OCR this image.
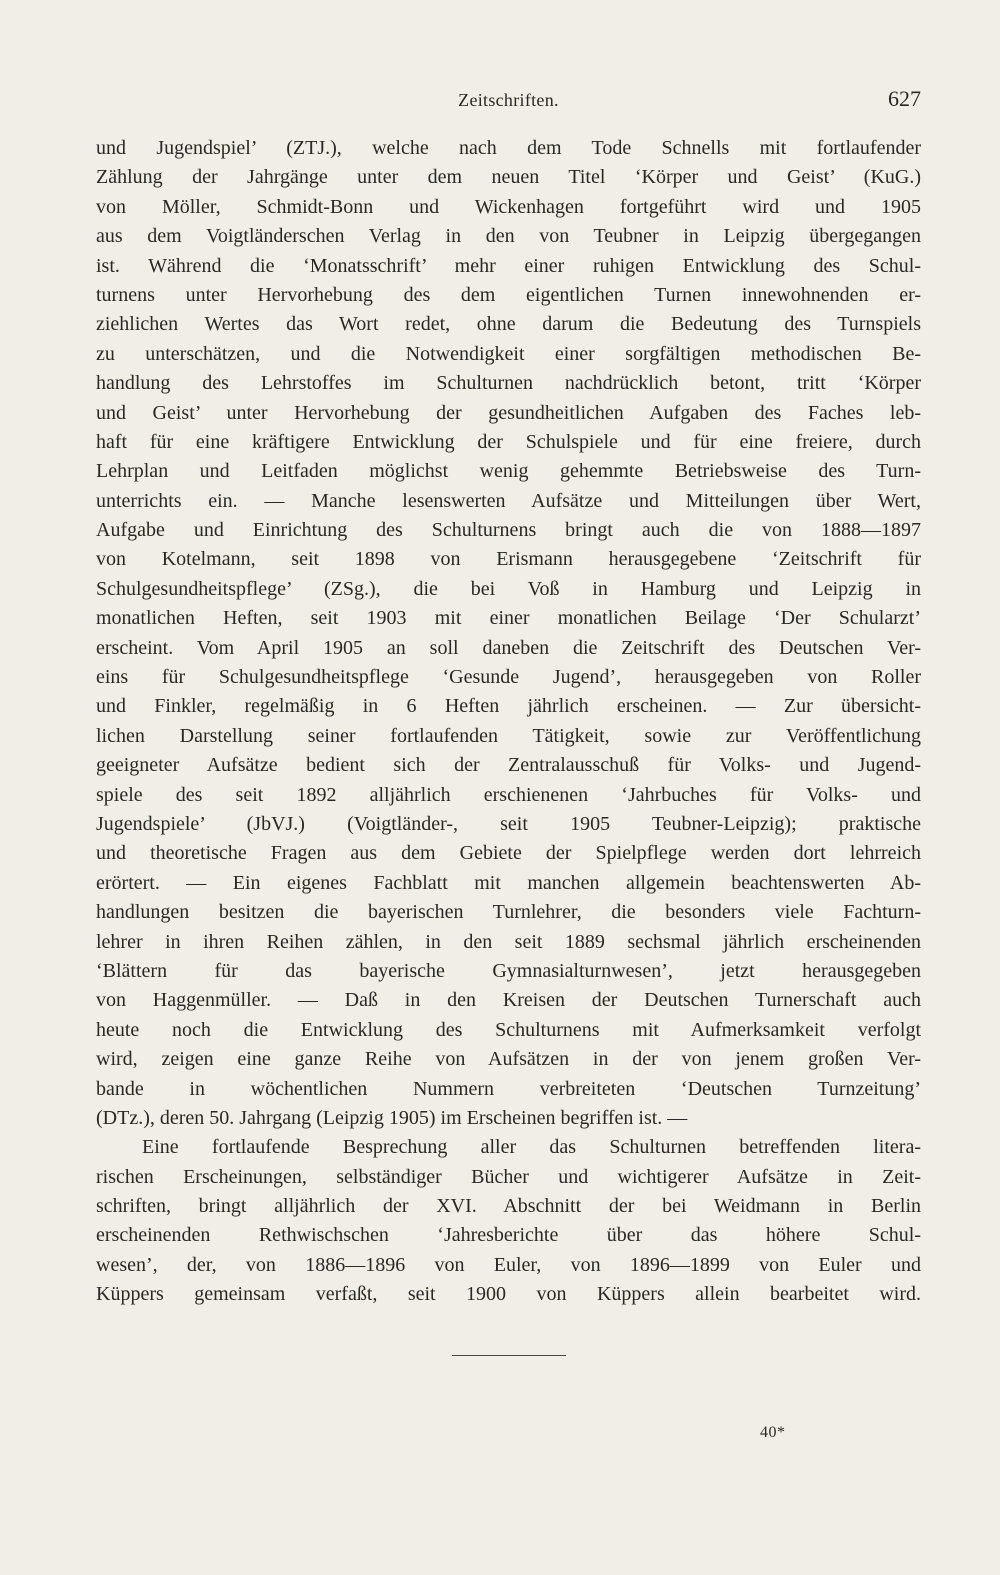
Zeitschriften.	627
und Jugendspiel’ (ZTJ.), welche nach dem Tode Schnells mit fortlaufender
Zählung der Jahrgänge unter dem neuen Titel ‘Körper und Geist’ (KuG.)
von Möller, Schmidt-Bonn und Wickenhagen fortgeführt wird und 1905
aus dem Voigtländerschen Verlag in den von Teubner in Leipzig übergegangen
ist. Während die ‘Monatsschrift’ mehr einer ruhigen Entwicklung des Schul-
turnens unter Hervorhebung des dem eigentlichen Turnen innewohnenden er-
ziehlichen Wertes das Wort redet, ohne darum die Bedeutung des Turnspiels
zu unterschätzen, und die Notwendigkeit einer sorgfältigen methodischen Be-
handlung des Lehrstoffes im Schulturnen nachdrücklich betont, tritt ‘Körper
und Geist’ unter Hervorhebung der gesundheitlichen Aufgaben des Faches leb-
haft für eine kräftigere Entwicklung der Schulspiele und für eine freiere, durch
Lehrplan und Leitfaden möglichst wenig gehemmte Betriebsweise des Turn-
unterrichts ein. — Manche lesenswerten Aufsätze und Mitteilungen über Wert,
Aufgabe und Einrichtung des Schulturnens bringt auch die von 1888—1897
von Kotelmann, seit 1898 von Erismann herausgegebene ‘Zeitschrift für
Schulgesundheitspflege’ (ZSg.), die bei Voß in Hamburg und Leipzig in
monatlichen Heften, seit 1903 mit einer monatlichen Beilage ‘Der Schularzt’
erscheint. Vom April 1905 an soll daneben die Zeitschrift des Deutschen Ver-
eins für Schulgesundheitspflege ‘Gesunde Jugend’, herausgegeben von Roller
und Finkler, regelmäßig in 6 Heften jährlich erscheinen. — Zur übersicht-
lichen Darstellung seiner fortlaufenden Tätigkeit, sowie zur Veröffentlichung
geeigneter Aufsätze bedient sich der Zentralausschuß für Volks- und Jugend-
spiele des seit 1892 alljährlich erschienenen ‘Jahrbuches für Volks- und
Jugendspiele’ (JbVJ.) (Voigtländer-, seit 1905 Teubner-Leipzig); praktische
und theoretische Fragen aus dem Gebiete der Spielpflege werden dort lehrreich
erörtert. — Ein eigenes Fachblatt mit manchen allgemein beachtenswerten Ab-
handlungen besitzen die bayerischen Turnlehrer, die besonders viele Fachturn-
lehrer in ihren Reihen zählen, in den seit 1889 sechsmal jährlich erscheinenden
‘Blättern für das bayerische Gymnasialturnwesen’, jetzt herausgegeben
von Haggenmüller. — Daß in den Kreisen der Deutschen Turnerschaft auch
heute noch die Entwicklung des Schulturnens mit Aufmerksamkeit verfolgt
wird, zeigen eine ganze Reihe von Aufsätzen in der von jenem großen Ver-
bande in wöchentlichen Nummern verbreiteten ‘Deutschen Turnzeitung’
(DTz.), deren 50. Jahrgang (Leipzig 1905) im Erscheinen begriffen ist. —
Eine fortlaufende Besprechung aller das Schulturnen betreffenden litera-
rischen Erscheinungen, selbständiger Bücher und wichtigerer Aufsätze in Zeit-
schriften, bringt alljährlich der XVI. Abschnitt der bei Weidmann in Berlin
erscheinenden Rethwischschen ‘Jahresberichte über das höhere Schul-
wesen’, der, von 1886—1896 von Euler, von 1896—1899 von Euler und
Küppers gemeinsam verfaßt, seit 1900 von Küppers allein bearbeitet wird.
40*
